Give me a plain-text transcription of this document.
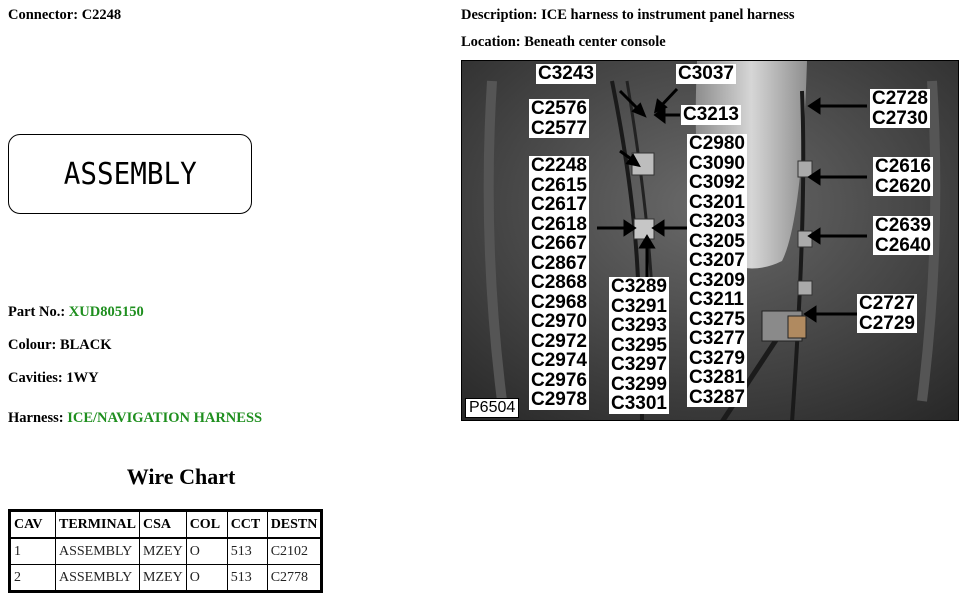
Connector: C2248	Description: ICE harness to instrument panel harness
Location: Beneath center console
ASSEMBLY
Part No.: XUD805150
Colour: BLACK
Cavities: 1WY
Harness: ICE/NAVIGATION HARNESS
Wire Chart
CAV	TERMINAL	CSA	COL	CCT	DESTN
1	ASSEMBLY	MZEY	O	513	C2102
2	ASSEMBLY	MZEY	O	513	C2778
C3243	C3037
C3213
C2576
C2577
C2248
C2615
C2617
C2618
C2667
C2867
C2868
C2968
C2970
C2972
C2974
C2976
C2978
C2980
C3090
C3092
C3201
C3203
C3205
C3207
C3209
C3211
C3275
C3277
C3279
C3281
C3287
C3289
C3291
C3293
C3295
C3297
C3299
C3301
C2728
C2730
C2616
C2620
C2639
C2640
C2727
C2729
P6504
